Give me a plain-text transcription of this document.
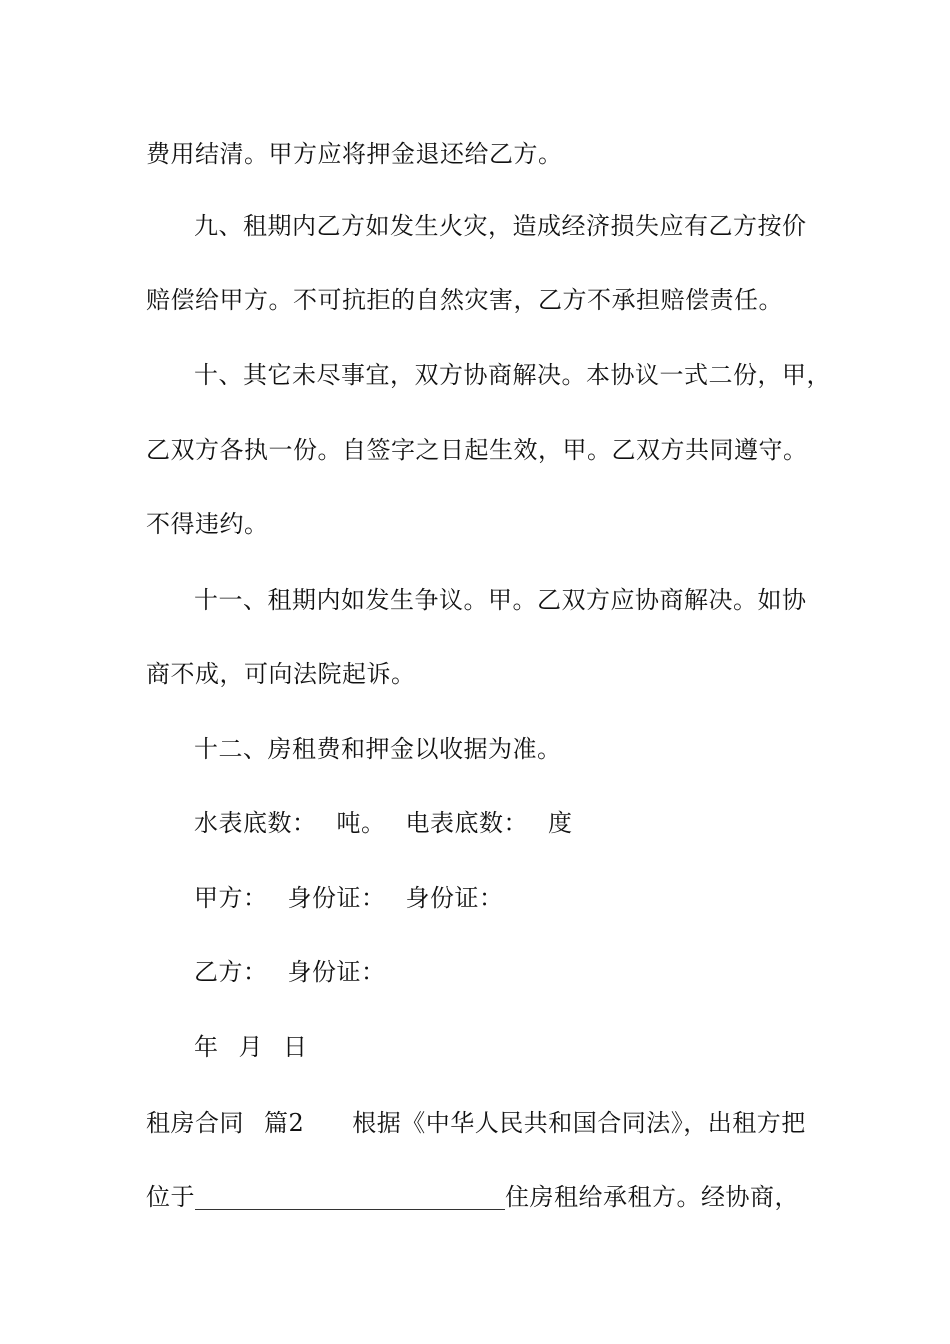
费用结清。甲方应将押金退还给乙方。
九、租期内乙方如发生火灾，造成经济损失应有乙方按价
赔偿给甲方。不可抗拒的自然灾害，乙方不承担赔偿责任。
十、其它未尽事宜，双方协商解决。本协议一式二份，甲，
乙双方各执一份。自签字之日起生效，甲。乙双方共同遵守。
不得违约。
十一、租期内如发生争议。甲。乙双方应协商解决。如协
商不成，可向法院起诉。
十二、房租费和押金以收据为准。
水表底数： 吨。 电表底数： 度
甲方： 身份证： 身份证：
乙方： 身份证：
年 月 日
租房合同 篇2 根据《中华人民共和国合同法》，出租方把
位于	住房租给承租方。经协商，
